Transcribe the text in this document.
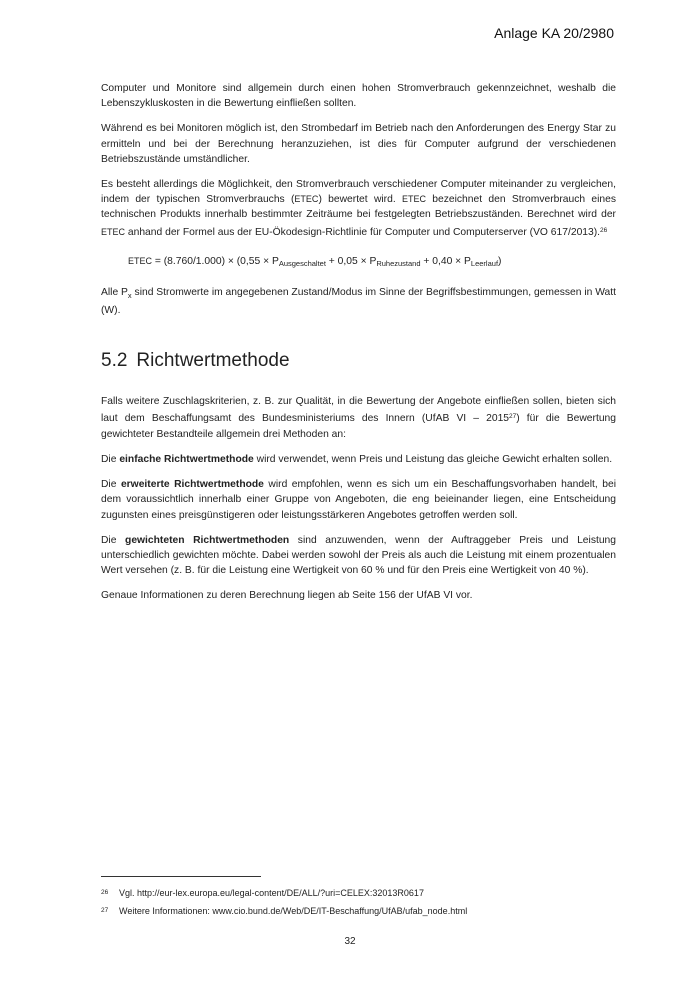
Anlage KA 20/2980

Computer und Monitore sind allgemein durch einen hohen Stromverbrauch gekennzeichnet, weshalb die Lebenszykluskosten in die Bewertung einfließen sollten.

Während es bei Monitoren möglich ist, den Strombedarf im Betrieb nach den Anforderungen des Energy Star zu ermitteln und bei der Berechnung heranzuziehen, ist dies für Computer aufgrund der verschiedenen Betriebszustände umständlicher.

Es besteht allerdings die Möglichkeit, den Stromverbrauch verschiedener Computer miteinander zu vergleichen, indem der typischen Stromverbrauchs (ETEC) bewertet wird. ETEC bezeichnet den Stromverbrauch eines technischen Produkts innerhalb bestimmter Zeiträume bei festgelegten Betriebszuständen. Berechnet wird der ETEC anhand der Formel aus der EU-Ökodesign-Richtlinie für Computer und Computerserver (VO 617/2013).$^{26}$

ETEC = $(8.760/1.000) \times (0,55 \times P_{Ausgeschaltet} + 0,05 \times P_{Ruhezustand} + 0,40 \times P_{Leerlauf})$

Alle $P_x$ sind Stromwerte im angegebenen Zustand/Modus im Sinne der Begriffsbestimmungen, gemessen in Watt (W).

5.2 Richtwertmethode

Falls weitere Zuschlagskriterien, z. B. zur Qualität, in die Bewertung der Angebote einfließen sollen, bieten sich laut dem Beschaffungsamt des Bundesministeriums des Innern (UfAB VI – 2015$^{27}$) für die Bewertung gewichteter Bestandteile allgemein drei Methoden an:

Die einfache Richtwertmethode wird verwendet, wenn Preis und Leistung das gleiche Gewicht erhalten sollen.

Die erweiterte Richtwertmethode wird empfohlen, wenn es sich um ein Beschaffungsvorhaben handelt, bei dem voraussichtlich innerhalb einer Gruppe von Angeboten, die eng beieinander liegen, eine Entscheidung zugunsten eines preisgünstigeren oder leistungsstärkeren Angebotes getroffen werden soll.

Die gewichteten Richtwertmethoden sind anzuwenden, wenn der Auftraggeber Preis und Leistung unterschiedlich gewichten möchte. Dabei werden sowohl der Preis als auch die Leistung mit einem prozentualen Wert versehen (z. B. für die Leistung eine Wertigkeit von 60 % und für den Preis eine Wertigkeit von 40 %).

Genaue Informationen zu deren Berechnung liegen ab Seite 156 der UfAB VI vor.

26 Vgl. http://eur-lex.europa.eu/legal-content/DE/ALL/?uri=CELEX:32013R0617
27 Weitere Informationen: www.cio.bund.de/Web/DE/IT-Beschaffung/UfAB/ufab_node.html
32
